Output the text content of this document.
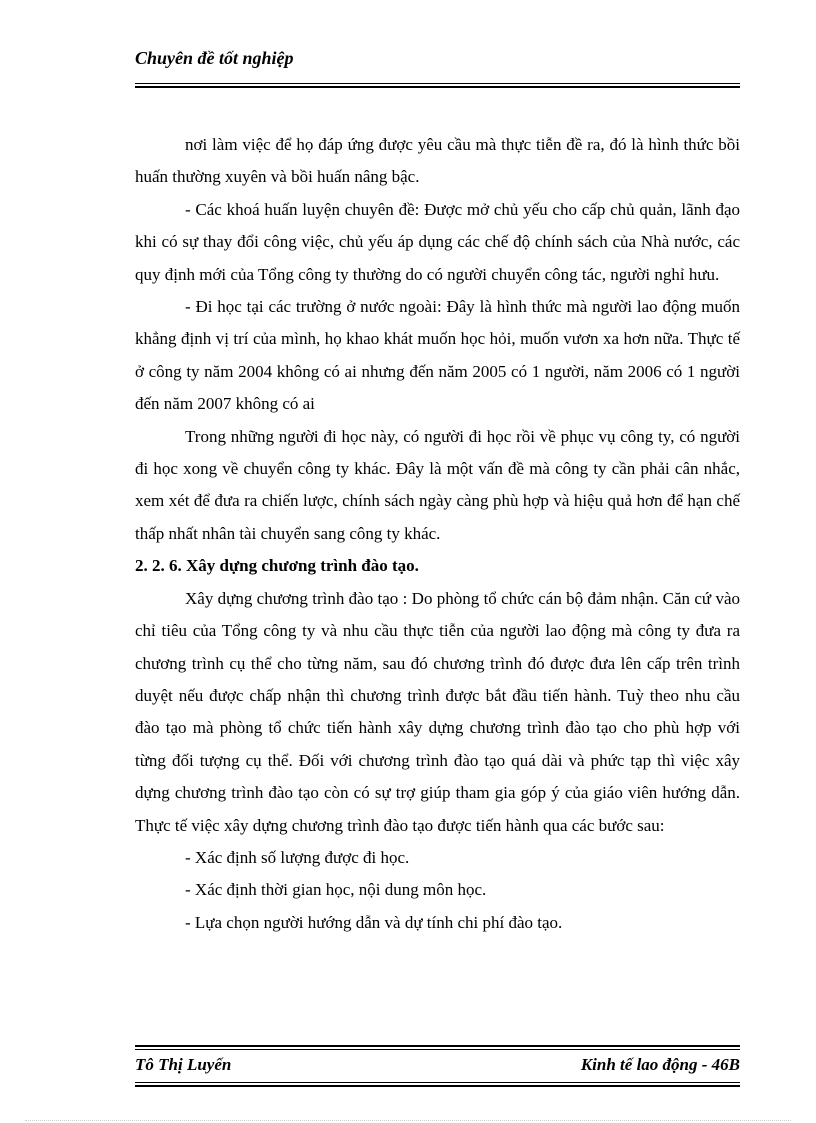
Chuyên đề tốt nghiệp

nơi làm việc để họ đáp ứng được yêu cầu mà thực tiễn đề ra, đó là hình thức bồi huấn thường xuyên và bồi huấn nâng bậc.

- Các khoá huấn luyện chuyên đề: Được mở chủ yếu cho cấp chủ quản, lãnh đạo khi có sự thay đổi công việc, chủ yếu áp dụng các chế độ chính sách của Nhà nước, các quy định mới của Tổng công ty thường do có người chuyển công tác, người nghỉ hưu.

- Đi học tại các trường ở nước ngoài: Đây là hình thức mà người lao động muốn khẳng định vị trí của mình, họ khao khát muốn học hỏi, muốn vươn xa hơn nữa. Thực tế ở công ty năm 2004 không có ai nhưng đến năm 2005 có 1 người, năm 2006 có 1 người đến năm 2007 không có ai

Trong những người đi học này, có người đi học rồi về phục vụ công ty, có người đi học xong về chuyển công ty khác. Đây là một vấn đề mà công ty cần phải cân nhắc, xem xét để đưa ra chiến lược, chính sách ngày càng phù hợp và hiệu quả hơn để hạn chế thấp nhất nhân tài chuyển sang công ty khác.

2. 2. 6. Xây dựng chương trình đào tạo.

Xây dựng chương trình đào tạo : Do phòng tổ chức cán bộ đảm nhận. Căn cứ vào chỉ tiêu của Tổng công ty và nhu cầu thực tiễn của người lao động mà công ty đưa ra chương trình cụ thể cho từng năm, sau đó chương trình đó được đưa lên cấp trên trình duyệt nếu được chấp nhận thì chương trình được bắt đầu tiến hành. Tuỳ theo nhu cầu đào tạo mà phòng tổ chức tiến hành xây dựng chương trình đào tạo cho phù hợp với từng đối tượng cụ thể. Đối với chương trình đào tạo quá dài và phức tạp thì việc xây dựng chương trình đào tạo còn có sự trợ giúp tham gia góp ý của giáo viên hướng dẫn. Thực tế việc xây dựng chương trình đào tạo được tiến hành qua các bước sau:

- Xác định số lượng được đi học.

- Xác định thời gian học, nội dung môn học.

- Lựa chọn người hướng dẫn và dự tính chi phí đào tạo.

Tô Thị Luyến	Kinh tế lao động - 46B
